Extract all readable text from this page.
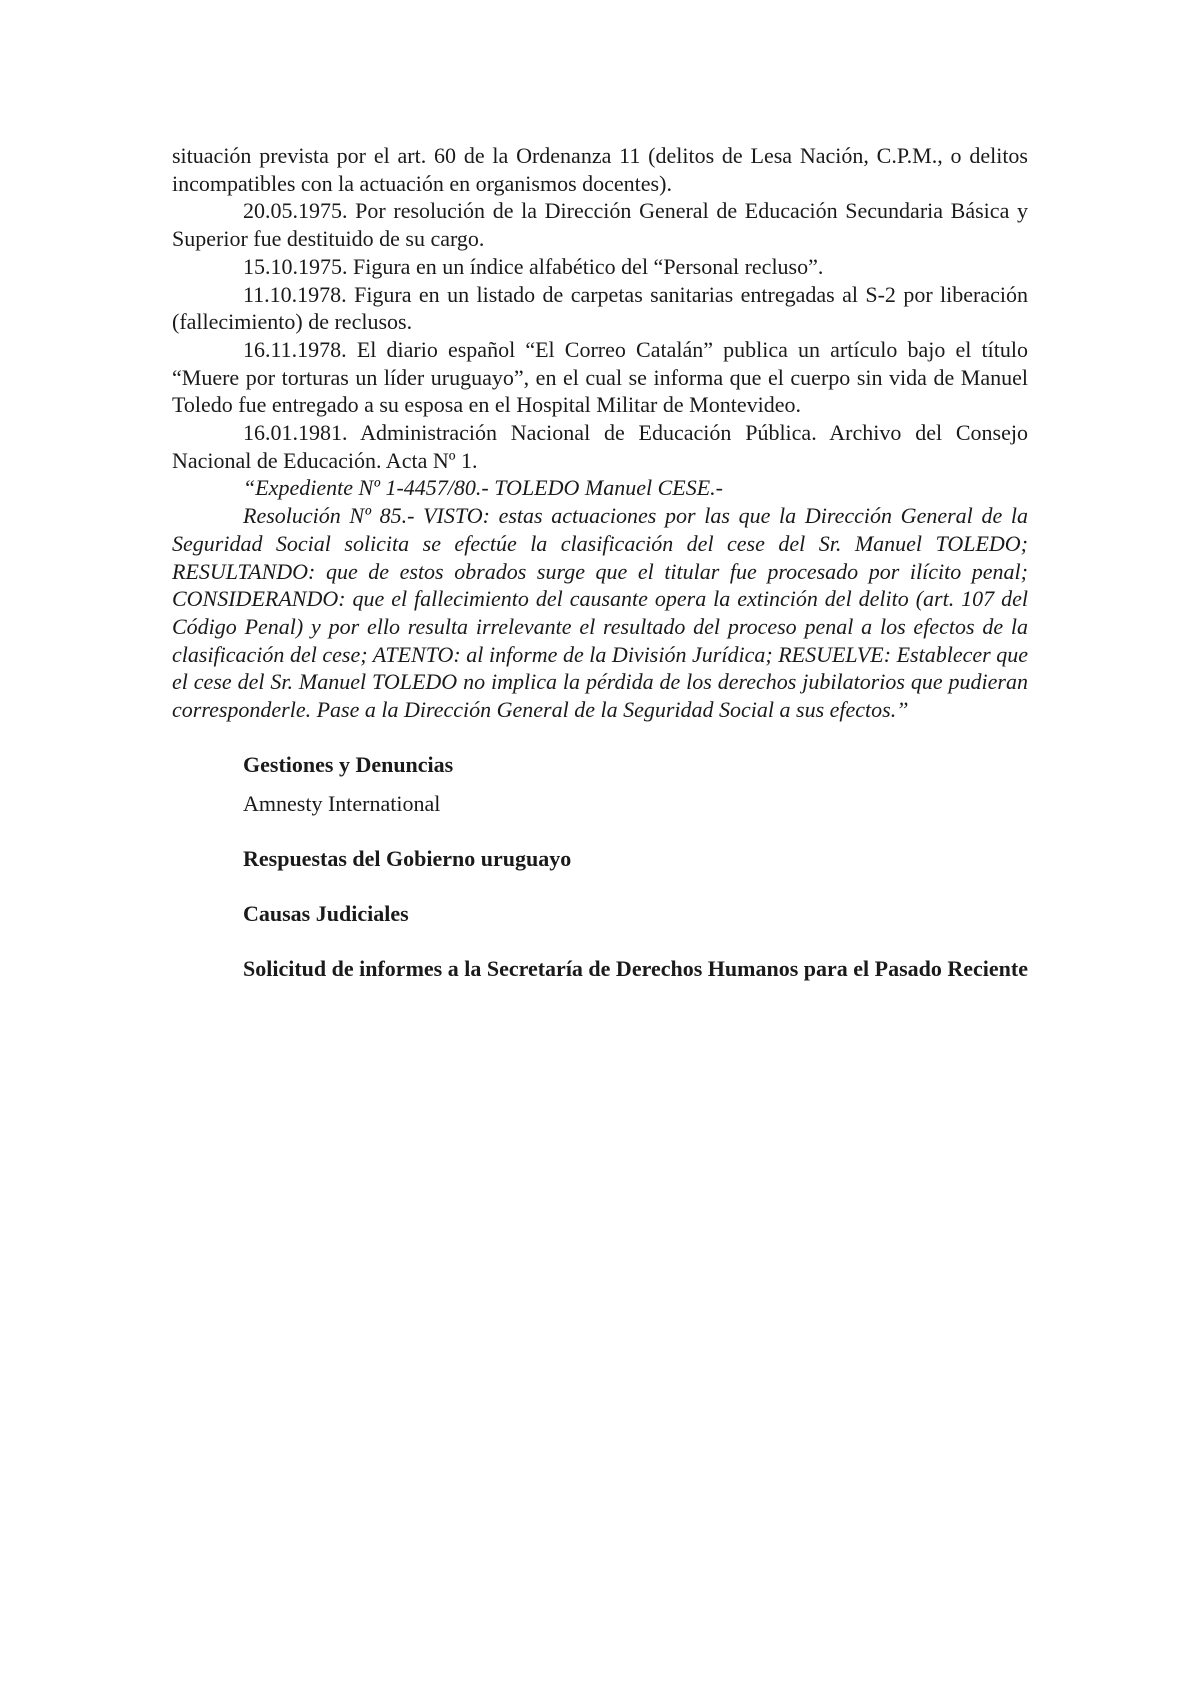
situación prevista por el art. 60 de la Ordenanza 11 (delitos de Lesa Nación, C.P.M., o delitos incompatibles con la actuación en organismos docentes).

20.05.1975. Por resolución de la Dirección General de Educación Secundaria Básica y Superior fue destituido de su cargo.

15.10.1975. Figura en un índice alfabético del “Personal recluso”.

11.10.1978. Figura en un listado de carpetas sanitarias entregadas al S-2 por liberación (fallecimiento) de reclusos.

16.11.1978. El diario español “El Correo Catalán” publica un artículo bajo el título “Muere por torturas un líder uruguayo”, en el cual se informa que el cuerpo sin vida de Manuel Toledo fue entregado a su esposa en el Hospital Militar de Montevideo.

16.01.1981. Administración Nacional de Educación Pública. Archivo del Consejo Nacional de Educación. Acta Nº 1.

“Expediente Nº 1-4457/80.- TOLEDO Manuel CESE.-

Resolución Nº 85.- VISTO: estas actuaciones por las que la Dirección General de la Seguridad Social solicita se efectúe la clasificación del cese del Sr. Manuel TOLEDO; RESULTANDO: que de estos obrados surge que el titular fue procesado por ilícito penal; CONSIDERANDO: que el fallecimiento del causante opera la extinción del delito (art. 107 del Código Penal) y por ello resulta irrelevante el resultado del proceso penal a los efectos de la clasificación del cese; ATENTO: al informe de la División Jurídica; RESUELVE: Establecer que el cese del Sr. Manuel TOLEDO no implica la pérdida de los derechos jubilatorios que pudieran corresponderle. Pase a la Dirección General de la Seguridad Social a sus efectos.”

Gestiones y Denuncias

Amnesty International

Respuestas del Gobierno uruguayo

Causas Judiciales

Solicitud de informes a la Secretaría de Derechos Humanos para el Pasado Reciente
